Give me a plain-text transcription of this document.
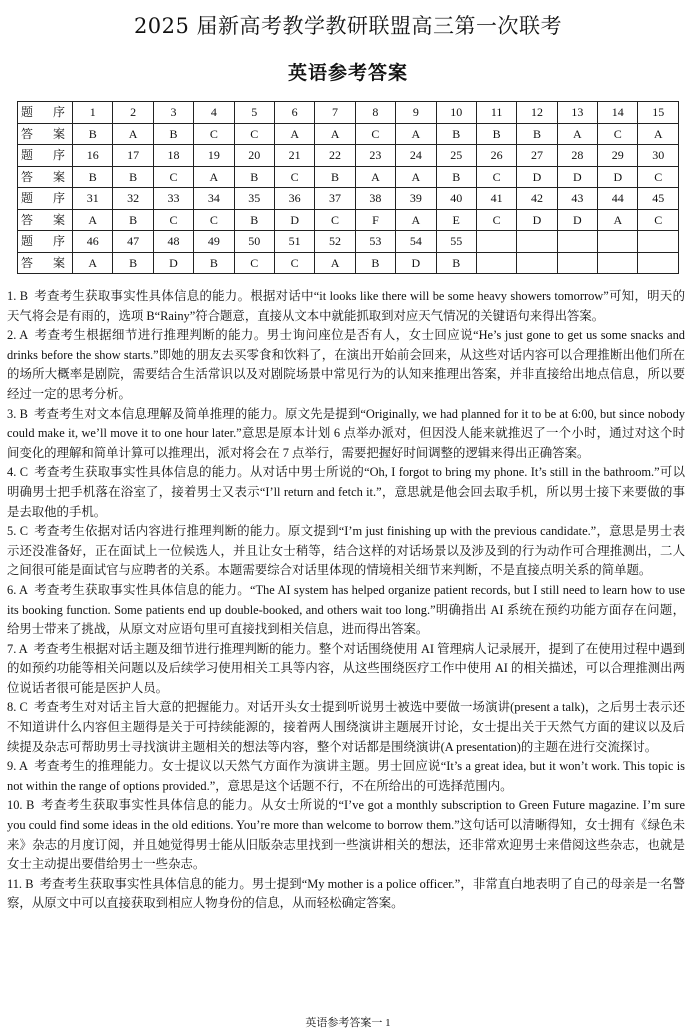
2025 届新高考教学教研联盟高三第一次联考
英语参考答案
题　序	1	2	3	4	5	6	7	8	9	10	11	12	13	14	15
答　案	B	A	B	C	C	A	A	C	A	B	B	B	A	C	A
题　序	16	17	18	19	20	21	22	23	24	25	26	27	28	29	30
答　案	B	B	C	A	B	C	B	A	A	B	C	D	D	D	C
题　序	31	32	33	34	35	36	37	38	39	40	41	42	43	44	45
答　案	A	B	C	C	B	D	C	F	A	E	C	D	D	A	C
题　序	46	47	48	49	50	51	52	53	54	55					
答　案	A	B	D	B	C	C	A	B	D	B					

1. B 考查考生获取事实性具体信息的能力。根据对话中“it looks like there will be some heavy showers tomorrow”可知，明天的天气将会是有雨的，选项 B“Rainy”符合题意，直接从文本中就能抓取到对应天气情况的关键语句来得出答案。

2. A 考查考生根据细节进行推理判断的能力。男士询问座位是否有人，女士回应说“He’s just gone to get us some snacks and drinks before the show starts.”即她的朋友去买零食和饮料了，在演出开始前会回来，从这些对话内容可以合理推断出他们所在的场所大概率是剧院，需要结合生活常识以及对剧院场景中常见行为的认知来推理出答案，并非直接给出地点信息，所以要经过一定的思考分析。

3. B 考查考生对文本信息理解及简单推理的能力。原文先是提到“Originally, we had planned for it to be at 6:00, but since nobody could make it, we’ll move it to one hour later.”意思是原本计划 6 点举办派对，但因没人能来就推迟了一个小时，通过对这个时间变化的理解和简单计算可以推理出，派对将会在 7 点举行，需要把握好时间调整的逻辑来得出正确答案。

4. C 考查考生获取事实性具体信息的能力。从对话中男士所说的“Oh, I forgot to bring my phone. It’s still in the bathroom.”可以明确男士把手机落在浴室了，接着男士又表示“I’ll return and fetch it.”，意思就是他会回去取手机，所以男士接下来要做的事是去取他的手机。

5. C 考查考生依据对话内容进行推理判断的能力。原文提到“I’m just finishing up with the previous candidate.”，意思是男士表示还没准备好，正在面试上一位候选人，并且让女士稍等，结合这样的对话场景以及涉及到的行为动作可合理推测出，二人之间很可能是面试官与应聘者的关系。本题需要综合对话里体现的情境相关细节来判断，不是直接点明关系的简单题。

6. A 考查考生获取事实性具体信息的能力。“The AI system has helped organize patient records, but I still need to learn how to use its booking function. Some patients end up double-booked, and others wait too long.”明确指出 AI 系统在预约功能方面存在问题，给男士带来了挑战，从原文对应语句里可直接找到相关信息，进而得出答案。

7. A 考查考生根据对话主题及细节进行推理判断的能力。整个对话围绕使用 AI 管理病人记录展开，提到了在使用过程中遇到的如预约功能等相关问题以及后续学习使用相关工具等内容，从这些围绕医疗工作中使用 AI 的相关描述，可以合理推测出两位说话者很可能是医护人员。

8. C 考查考生对对话主旨大意的把握能力。对话开头女士提到听说男士被选中要做一场演讲(present a talk)，之后男士表示还不知道讲什么内容但主题得是关于可持续能源的，接着两人围绕演讲主题展开讨论，女士提出关于天然气方面的建议以及后续提及杂志可帮助男士寻找演讲主题相关的想法等内容，整个对话都是围绕演讲(A presentation)的主题在进行交流探讨。

9. A 考查考生的推理能力。女士提议以天然气方面作为演讲主题。男士回应说“It’s a great idea, but it won’t work. This topic is not within the range of options provided.”，意思是这个话题不行，不在所给出的可选择范围内。

10. B 考查考生获取事实性具体信息的能力。从女士所说的“I’ve got a monthly subscription to Green Future magazine. I’m sure you could find some ideas in the old editions. You’re more than welcome to borrow them.”这句话可以清晰得知，女士拥有《绿色未来》杂志的月度订阅，并且她觉得男士能从旧版杂志里找到一些演讲相关的想法，还非常欢迎男士来借阅这些杂志，也就是女士主动提出要借给男士一些杂志。

11. B 考查考生获取事实性具体信息的能力。男士提到“My mother is a police officer.”，非常直白地表明了自己的母亲是一名警察，从原文中可以直接获取到相应人物身份的信息，从而轻松确定答案。

英语参考答案一 1
